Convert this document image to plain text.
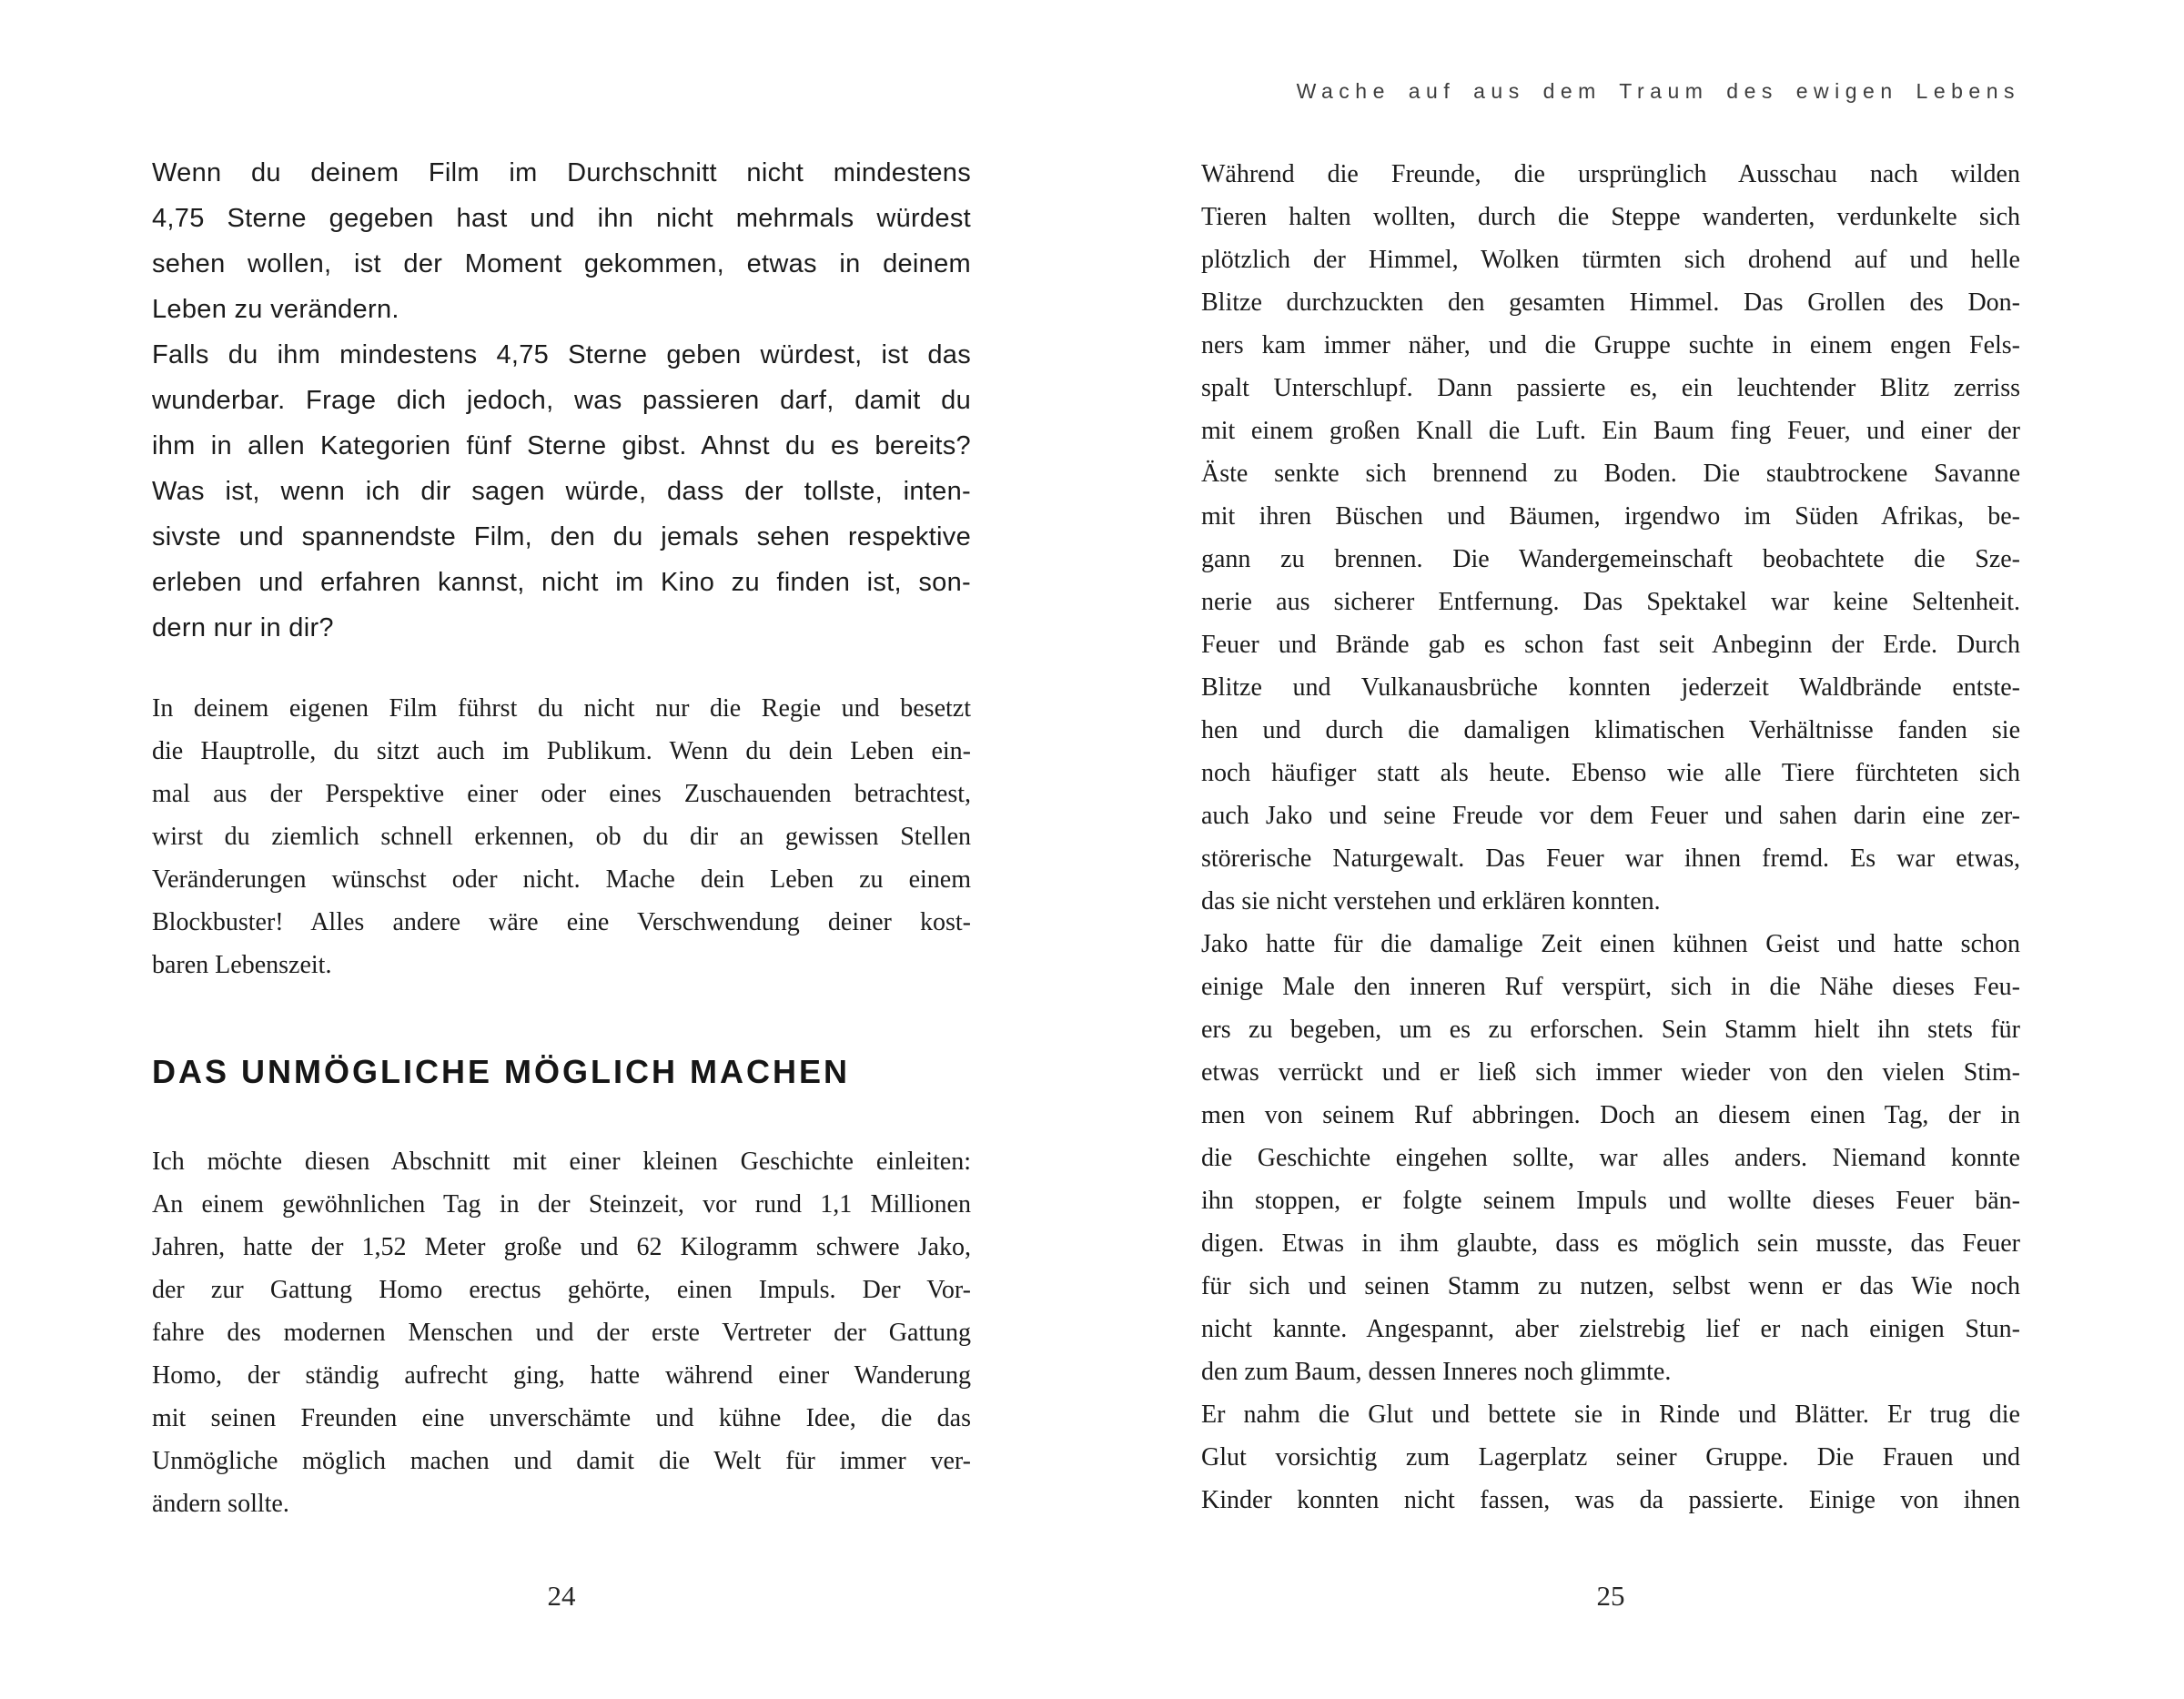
Wenn du deinem Film im Durchschnitt nicht mindestens
4,75 Sterne gegeben hast und ihn nicht mehrmals würdest
sehen wollen, ist der Moment gekommen, etwas in deinem
Leben zu verändern.
Falls du ihm mindestens 4,75 Sterne geben würdest, ist das
wunderbar. Frage dich jedoch, was passieren darf, damit du
ihm in allen Kategorien fünf Sterne gibst. Ahnst du es bereits?
Was ist, wenn ich dir sagen würde, dass der tollste, inten-
sivste und spannendste Film, den du jemals sehen respektive
erleben und erfahren kannst, nicht im Kino zu finden ist, son-
dern nur in dir?
In deinem eigenen Film führst du nicht nur die Regie und besetzt
die Hauptrolle, du sitzt auch im Publikum. Wenn du dein Leben ein-
mal aus der Perspektive einer oder eines Zuschauenden betrachtest,
wirst du ziemlich schnell erkennen, ob du dir an gewissen Stellen
Veränderungen wünschst oder nicht. Mache dein Leben zu einem
Blockbuster! Alles andere wäre eine Verschwendung deiner kost-
baren Lebenszeit.
DAS UNMÖGLICHE MÖGLICH MACHEN
Ich möchte diesen Abschnitt mit einer kleinen Geschichte einleiten:
An einem gewöhnlichen Tag in der Steinzeit, vor rund 1,1 Millionen
Jahren, hatte der 1,52 Meter große und 62 Kilogramm schwere Jako,
der zur Gattung Homo erectus gehörte, einen Impuls. Der Vor-
fahre des modernen Menschen und der erste Vertreter der Gattung
Homo, der ständig aufrecht ging, hatte während einer Wanderung
mit seinen Freunden eine unverschämte und kühne Idee, die das
Unmögliche möglich machen und damit die Welt für immer ver-
ändern sollte.
24
Wache auf aus dem Traum des ewigen Lebens
Während die Freunde, die ursprünglich Ausschau nach wilden
Tieren halten wollten, durch die Steppe wanderten, verdunkelte sich
plötzlich der Himmel, Wolken türmten sich drohend auf und helle
Blitze durchzuckten den gesamten Himmel. Das Grollen des Don-
ners kam immer näher, und die Gruppe suchte in einem engen Fels-
spalt Unterschlupf. Dann passierte es, ein leuchtender Blitz zerriss
mit einem großen Knall die Luft. Ein Baum fing Feuer, und einer der
Äste senkte sich brennend zu Boden. Die staubtrockene Savanne
mit ihren Büschen und Bäumen, irgendwo im Süden Afrikas, be-
gann zu brennen. Die Wandergemeinschaft beobachtete die Sze-
nerie aus sicherer Entfernung. Das Spektakel war keine Seltenheit.
Feuer und Brände gab es schon fast seit Anbeginn der Erde. Durch
Blitze und Vulkanausbrüche konnten jederzeit Waldbrände entste-
hen und durch die damaligen klimatischen Verhältnisse fanden sie
noch häufiger statt als heute. Ebenso wie alle Tiere fürchteten sich
auch Jako und seine Freude vor dem Feuer und sahen darin eine zer-
störerische Naturgewalt. Das Feuer war ihnen fremd. Es war etwas,
das sie nicht verstehen und erklären konnten.
Jako hatte für die damalige Zeit einen kühnen Geist und hatte schon
einige Male den inneren Ruf verspürt, sich in die Nähe dieses Feu-
ers zu begeben, um es zu erforschen. Sein Stamm hielt ihn stets für
etwas verrückt und er ließ sich immer wieder von den vielen Stim-
men von seinem Ruf abbringen. Doch an diesem einen Tag, der in
die Geschichte eingehen sollte, war alles anders. Niemand konnte
ihn stoppen, er folgte seinem Impuls und wollte dieses Feuer bän-
digen. Etwas in ihm glaubte, dass es möglich sein musste, das Feuer
für sich und seinen Stamm zu nutzen, selbst wenn er das Wie noch
nicht kannte. Angespannt, aber zielstrebig lief er nach einigen Stun-
den zum Baum, dessen Inneres noch glimmte.
Er nahm die Glut und bettete sie in Rinde und Blätter. Er trug die
Glut vorsichtig zum Lagerplatz seiner Gruppe. Die Frauen und
Kinder konnten nicht fassen, was da passierte. Einige von ihnen
25
